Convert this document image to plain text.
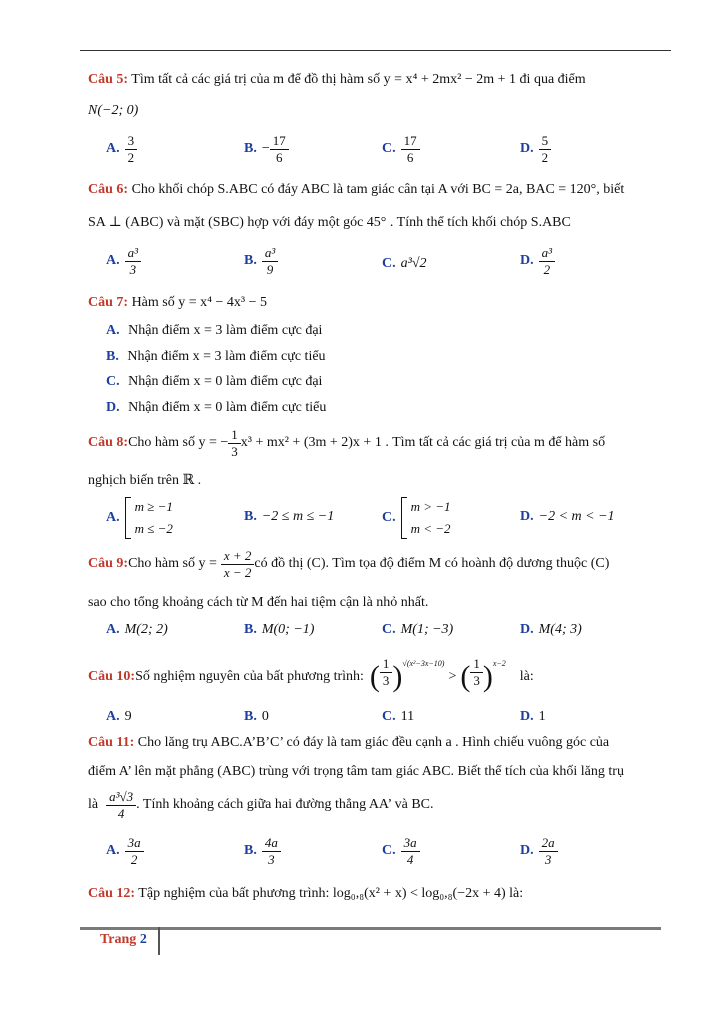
Câu 5: Tìm tất cả các giá trị của m để đồ thị hàm số y = x⁴ + 2mx² − 2m + 1 đi qua điểm
N(−2; 0)
A. $\frac{3}{2}$	B. − $\frac{17}{6}$	C. $\frac{17}{6}$	D. $\frac{5}{2}$
Câu 6: Cho khối chóp S.ABC có đáy ABC là tam giác cân tại A với BC = 2a, BAC = 120°, biết
SA ⊥ (ABC) và mặt (SBC) hợp với đáy một góc 45° . Tính thể tích khối chóp S.ABC
A. $\frac{\text{a³}}{3}$	B. $\frac{\text{a³}}{9}$	C. a³√2	D. $\frac{\text{a³}}{2}$
Câu 7: Hàm số y = x⁴ − 4x³ − 5
A. Nhận điểm x = 3 làm điểm cực đại
B. Nhận điểm x = 3 làm điểm cực tiểu
C. Nhận điểm x = 0 làm điểm cực đại
D. Nhận điểm x = 0 làm điểm cực tiểu
Câu 8: Cho hàm số y = − $\frac{1}{3} x^3 + mx^2 + (3m + 2)x + 1$ . Tìm tất cả các giá trị của m để hàm số
nghịch biến trên ℝ .
A.
m ≥ −1
m ≤ −2
B. −2 ≤ m ≤ −1	C.
m > −1
m < −2
D. −2 < m < −1
Câu 9: Cho hàm số $y = \frac{x + 2}{x - 2}$ có đồ thị (C). Tìm tọa độ điểm M có hoành độ dương thuộc (C)
sao cho tổng khoảng cách từ M đến hai tiệm cận là nhỏ nhất.
A. M(2; 2)	B. M(0; −1)	C. M(1; −3)	D. M(4; 3)
Câu 10: Số nghiệm nguyên của bất phương trình: ( $\frac{1}{3}$ ) √(x²−3x−10)
> ( $\frac{1}{3}$ ) x−2
là:
A. 9	B. 0	C. 11	D. 1
Câu 11: Cho lăng trụ ABC.A’B’C’ có đáy là tam giác đều cạnh a . Hình chiếu vuông góc của
điểm A’ lên mặt phẳng (ABC) trùng với trọng tâm tam giác ABC. Biết thể tích của khối lăng trụ
là $\frac{\text{a³√3}}{4}$ . Tính khoảng cách giữa hai đường thẳng AA’ và BC.
A. $\frac{3a}{2}$	B. $\frac{4a}{3}$	C. $\frac{3a}{4}$	D. $\frac{2a}{3}$
Câu 12: Tập nghiệm của bất phương trình: log₀,₈(x² + x) < log₀,₈(−2x + 4) là:
Trang 2
